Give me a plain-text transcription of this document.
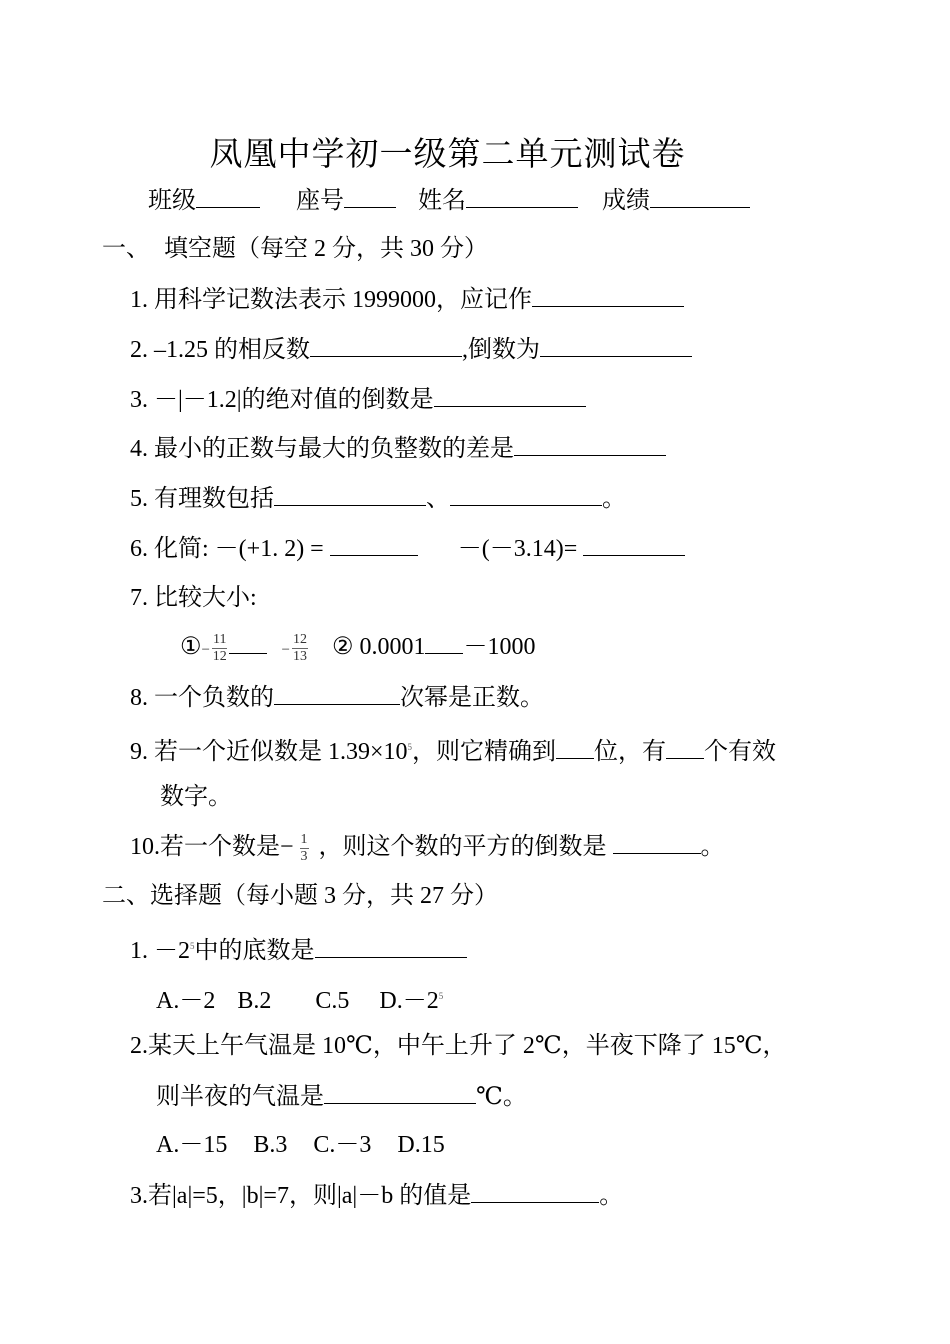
凤凰中学初一级第二单元测试卷
班级	座号	姓名	成绩
一、 填空题（每空 2 分，共 30 分）
1. 用科学记数法表示 1999000，应记作
2. –1.25 的相反数	,倒数为
3. －|－1.2|的绝对值的倒数是
4. 最小的正数与最大的负整数的差是
5. 有理数包括	、	。
6. 化简: －(+1. 2) =	－(－3.14)=
7. 比较大小:
①− $\frac{11}{12}$	− $\frac{12}{13}$ ② 0.0001 －1000
8. 一个负数的	次幂是正数。
9. 若一个近似数是 $1.39\times 10^5$，则它精确到 位，有 个有效
数字。
10.若一个数是− $\frac{1}{3}$ ，则这个数的平方的倒数是	。
二、选择题（每小题 3 分，共 27 分）
1. $-2^5$中的底数是
A.－2 B.2 C.5 $D.-2^5$
2.某天上午气温是 10℃，中午上升了 2℃，半夜下降了 15℃，
则半夜的气温是	℃。
A.－15 B.3 C.－3 D.15
3.若|a|=5，|b|=7，则|a|－b 的值是	。
